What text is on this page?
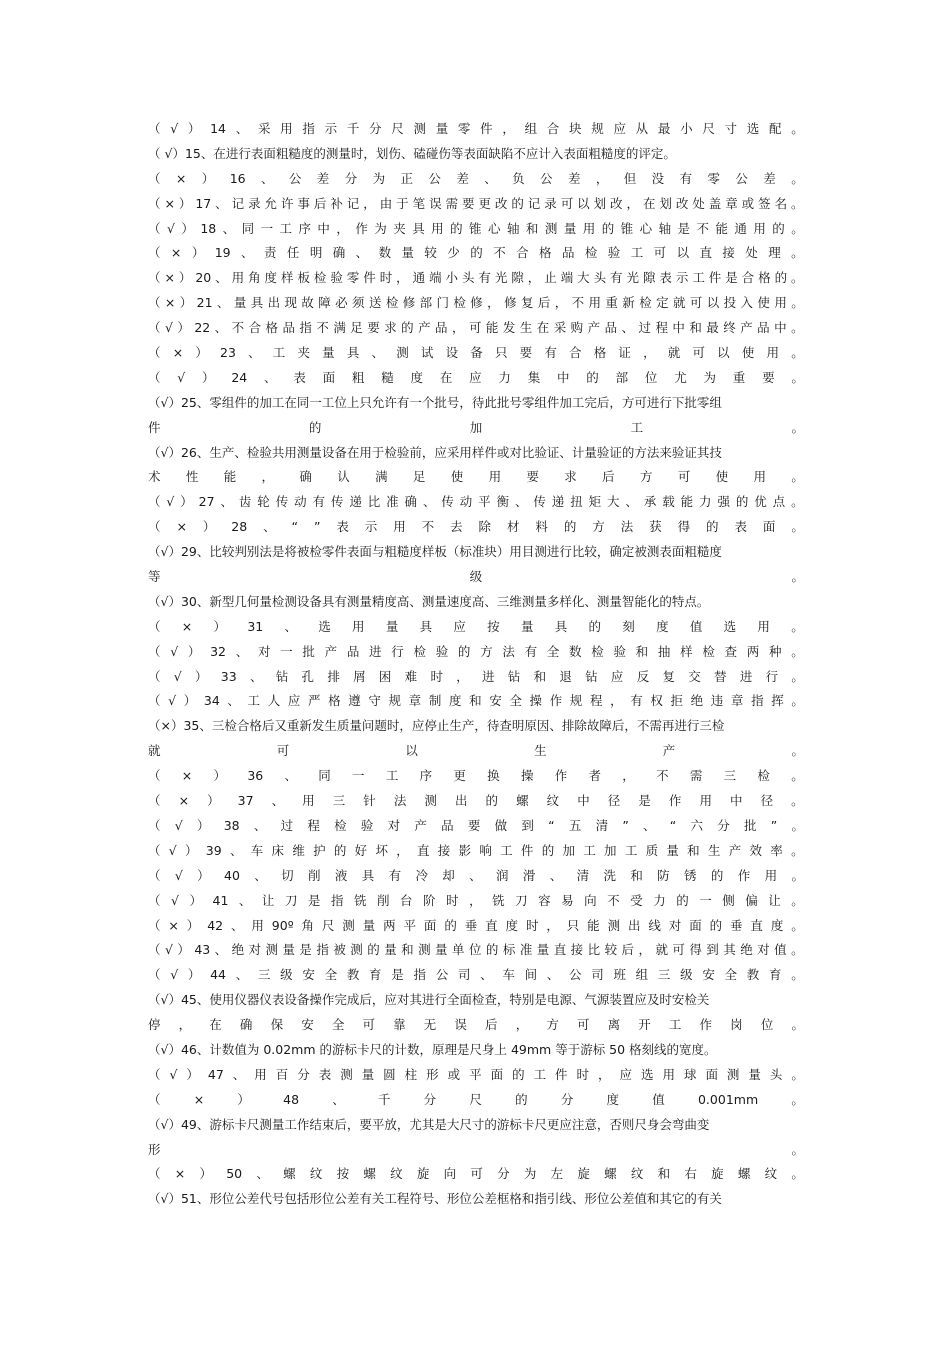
（ √ ） 14 、 采 用 指 示 千 分 尺 测 量 零 件 ， 组 合 块 规 应 从 最 小 尺 寸 选 配 。
（ √）15、在进行表面粗糙度的测量时，划伤、磕碰伤等表面缺陷不应计入表面粗糙度的评定。
（ × ） 16 、 公 差 分 为 正 公 差 、 负 公 差 ， 但 没 有 零 公 差 。
（ × ） 17 、 记 录 允 许 事 后 补 记 ， 由 于 笔 误 需 要 更 改 的 记 录 可 以 划 改 ， 在 划 改 处 盖 章 或 签 名 。
（ √ ） 18 、 同 一 工 序 中 ， 作 为 夹 具 用 的 锥 心 轴 和 测 量 用 的 锥 心 轴 是 不 能 通 用 的 。
（ × ） 19 、 责 任 明 确 、 数 量 较 少 的 不 合 格 品 检 验 工 可 以 直 接 处 理 。
（ × ） 20 、 用 角 度 样 板 检 验 零 件 时 ， 通 端 小 头 有 光 隙 ， 止 端 大 头 有 光 隙 表 示 工 件 是 合 格 的 。
（ × ） 21 、 量 具 出 现 故 障 必 须 送 检 修 部 门 检 修 ， 修 复 后 ， 不 用 重 新 检 定 就 可 以 投 入 使 用 。
（ √ ） 22 、 不 合 格 品 指 不 满 足 要 求 的 产 品 ， 可 能 发 生 在 采 购 产 品 、 过 程 中 和 最 终 产 品 中 。
（ × ） 23 、 工 夹 量 具 、 测 试 设 备 只 要 有 合 格 证 ， 就 可 以 使 用 。
（ √ ） 24 、 表 面 粗 糙 度 在 应 力 集 中 的 部 位 尤 为 重 要 。
（√）25、零组件的加工在同一工位上只允许有一个批号，待此批号零组件加工完后，方可进行下批零组
件	的	加	工	。
（√）26、生产、检验共用测量设备在用于检验前，应采用样件或对比验证、计量验证的方法来验证其技
术 性 能 ， 确 认 满 足 使 用 要 求 后 方 可 使 用 。
（ √ ） 27 、 齿 轮 传 动 有 传 递 比 准 确 、 传 动 平 衡 、 传 递 扭 矩 大 、 承 载 能 力 强 的 优 点 。
（ × ） 28 、 “ ” 表 示 用 不 去 除 材 料 的 方 法 获 得 的 表 面 。
（√）29、比较判别法是将被检零件表面与粗糙度样板（标准块）用目测进行比较，确定被测表面粗糙度
等	级	。
（√）30、新型几何量检测设备具有测量精度高、测量速度高、三维测量多样化、测量智能化的特点。
（ × ） 31 、 选 用 量 具 应 按 量 具 的 刻 度 值 选 用 。
（ √ ） 32 、 对 一 批 产 品 进 行 检 验 的 方 法 有 全 数 检 验 和 抽 样 检 查 两 种 。
（ √ ） 33 、 钻 孔 排 屑 困 难 时 ， 进 钻 和 退 钻 应 反 复 交 替 进 行 。
（ √ ） 34 、 工 人 应 严 格 遵 守 规 章 制 度 和 安 全 操 作 规 程 ， 有 权 拒 绝 违 章 指 挥 。
（×）35、三检合格后又重新发生质量问题时，应停止生产，待查明原因、排除故障后，不需再进行三检
就	可	以	生	产	。
（ × ） 36 、 同 一 工 序 更 换 操 作 者 ， 不 需 三 检 。
（ × ） 37 、 用 三 针 法 测 出 的 螺 纹 中 径 是 作 用 中 径 。
（ √ ） 38 、 过 程 检 验 对 产 品 要 做 到 “ 五 清 ” 、 “ 六 分 批 ” 。
（ √ ） 39 、 车 床 维 护 的 好 坏 ， 直 接 影 响 工 件 的 加 工 加 工 质 量 和 生 产 效 率 。
（ √ ） 40 、 切 削 液 具 有 冷 却 、 润 滑 、 清 洗 和 防 锈 的 作 用 。
（ √ ） 41 、 让 刀 是 指 铣 削 台 阶 时 ， 铣 刀 容 易 向 不 受 力 的 一 侧 偏 让 。
（ × ） 42 、 用 90º 角 尺 测 量 两 平 面 的 垂 直 度 时 ， 只 能 测 出 线 对 面 的 垂 直 度 。
（ √ ） 43 、 绝 对 测 量 是 指 被 测 的 量 和 测 量 单 位 的 标 准 量 直 接 比 较 后 ， 就 可 得 到 其 绝 对 值 。
（ √ ） 44 、 三 级 安 全 教 育 是 指 公 司 、 车 间 、 公 司 班 组 三 级 安 全 教 育 。
（√）45、使用仪器仪表设备操作完成后，应对其进行全面检查，特别是电源、气源装置应及时安检关
停 ， 在 确 保 安 全 可 靠 无 误 后 ， 方 可 离 开 工 作 岗 位 。
（√）46、计数值为 0.02mm 的游标卡尺的计数，原理是尺身上 49mm 等于游标 50 格刻线的宽度。
（ √ ） 47 、 用 百 分 表 测 量 圆 柱 形 或 平 面 的 工 件 时 ， 应 选 用 球 面 测 量 头 。
（	×	）	48	、	千	分	尺	的	分	度	值	0.001mm	。
（√）49、游标卡尺测量工作结束后，要平放，尤其是大尺寸的游标卡尺更应注意，否则尺身会弯曲变
形	。
（ × ） 50 、 螺 纹 按 螺 纹 旋 向 可 分 为 左 旋 螺 纹 和 右 旋 螺 纹 。
（√）51、形位公差代号包括形位公差有关工程符号、形位公差框格和指引线、形位公差值和其它的有关
